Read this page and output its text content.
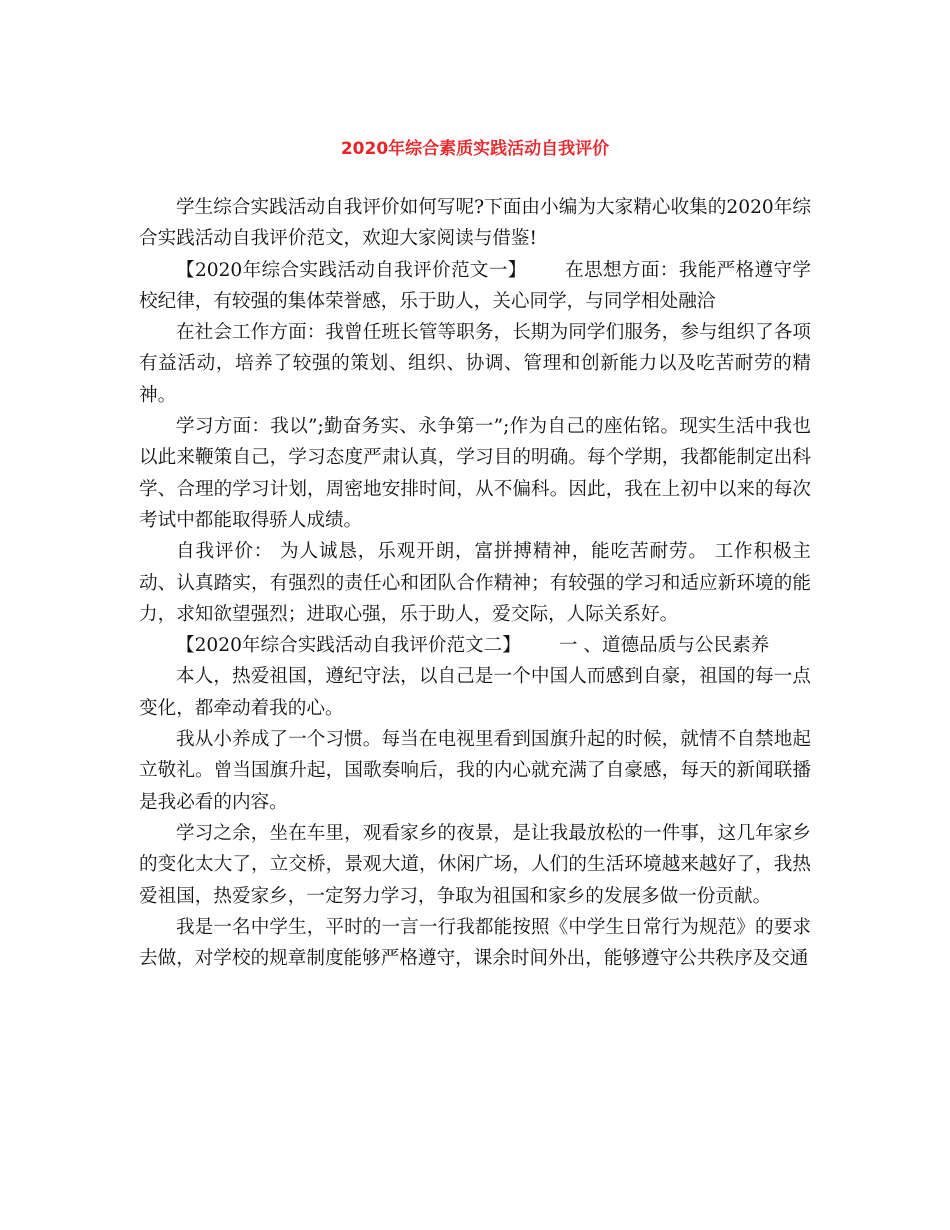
2020年综合素质实践活动自我评价

学生综合实践活动自我评价如何写呢?下面由小编为大家精心收集的2020年综合实践活动自我评价范文，欢迎大家阅读与借鉴!

【2020年综合实践活动自我评价范文一】 在思想方面：我能严格遵守学校纪律，有较强的集体荣誉感，乐于助人，关心同学，与同学相处融洽

在社会工作方面：我曾任班长管等职务，长期为同学们服务，参与组织了各项有益活动，培养了较强的策划、组织、协调、管理和创新能力以及吃苦耐劳的精神。

学习方面：我以”;勤奋务实、永争第一”;作为自己的座佑铭。现实生活中我也以此来鞭策自己，学习态度严肃认真，学习目的明确。每个学期，我都能制定出科学、合理的学习计划，周密地安排时间，从不偏科。因此，我在上初中以来的每次考试中都能取得骄人成绩。

自我评价： 为人诚恳，乐观开朗，富拼搏精神，能吃苦耐劳。 工作积极主动、认真踏实，有强烈的责任心和团队合作精神；有较强的学习和适应新环境的能力，求知欲望强烈；进取心强，乐于助人，爱交际，人际关系好。

【2020年综合实践活动自我评价范文二】 一 、道德品质与公民素养

本人，热爱祖国，遵纪守法，以自己是一个中国人而感到自豪，祖国的每一点变化，都牵动着我的心。

我从小养成了一个习惯。每当在电视里看到国旗升起的时候，就情不自禁地起立敬礼。曾当国旗升起，国歌奏响后，我的内心就充满了自豪感，每天的新闻联播是我必看的内容。

学习之余，坐在车里，观看家乡的夜景，是让我最放松的一件事，这几年家乡的变化太大了，立交桥，景观大道，休闲广场，人们的生活环境越来越好了，我热爱祖国，热爱家乡，一定努力学习，争取为祖国和家乡的发展多做一份贡献。

我是一名中学生，平时的一言一行我都能按照《中学生日常行为规范》的要求去做，对学校的规章制度能够严格遵守，课余时间外出，能够遵守公共秩序及交通
